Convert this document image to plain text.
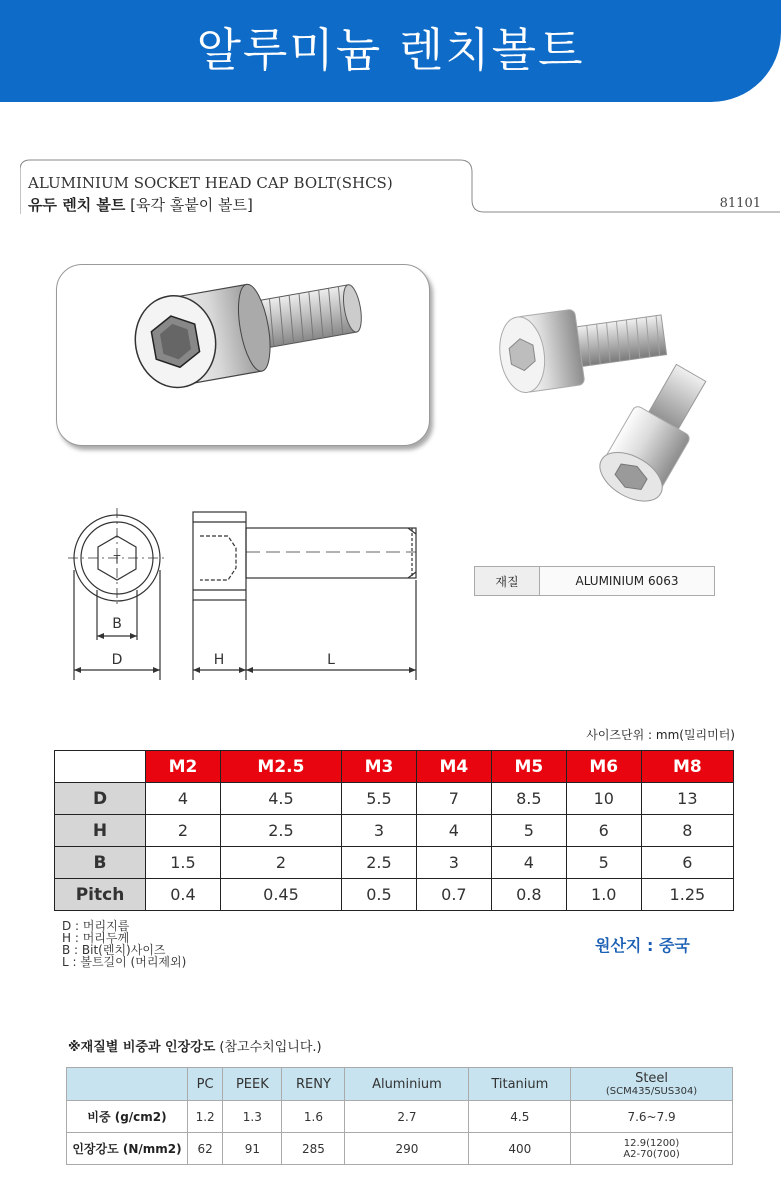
알루미늄 렌치볼트
ALUMINIUM SOCKET HEAD CAP BOLT(SHCS)
유두 렌치 볼트 [육각 홀붙이 볼트]	81101
T
B
D	H	L
재질	ALUMINIUM 6063
사이즈단위 : mm(밀리미터)
	M2	M2.5	M3	M4	M5	M6	M8
D	4	4.5	5.5	7	8.5	10	13
H	2	2.5	3	4	5	6	8
B	1.5	2	2.5	3	4	5	6
Pitch	0.4	0.45	0.5	0.7	0.8	1.0	1.25
D : 머리지름
H : 머리두께
B : Bit(렌치)사이즈
L : 볼트길이 (머리제외)
원산지 : 중국
※재질별 비중과 인장강도 (참고수치입니다.)
	PC	PEEK	RENY	Aluminium	Titanium	Steel
(SCM435/SUS304)

비중 (g/cm2)	1.2	1.3	1.6	2.7	4.5	7.6~7.9
인장강도 (N/mm2)	62	91	285	290	400	12.9(1200)
A2-70(700)
